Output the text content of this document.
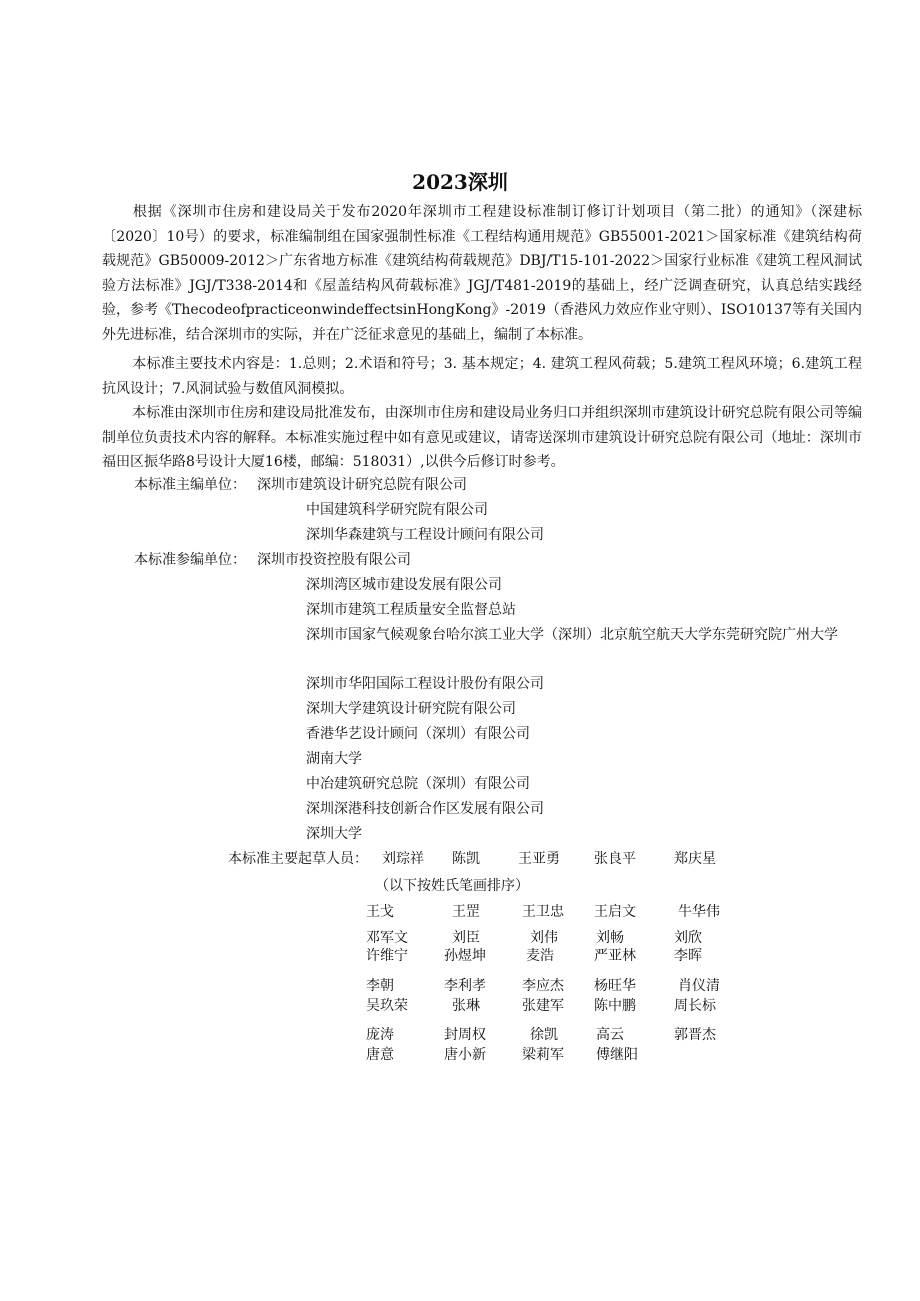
2023深圳

根据《深圳市住房和建设局关于发布2020年深圳市工程建设标准制订修订计划项目（第二批）的通知》（深建标〔2020〕10号）的要求，标准编制组在国家强制性标准《工程结构通用规范》GB55001-2021＞国家标准《建筑结构荷载规范》GB50009-2012＞广东省地方标准《建筑结构荷载规范》DBJ/T15-101-2022＞国家行业标准《建筑工程风洞试验方法标准》JGJ/T338-2014和《屋盖结构风荷载标准》JGJ/T481-2019的基础上，经广泛调查研究，认真总结实践经验，参考《ThecodeofpracticeonwindeffectsinHongKong》-2019（香港风力效应作业守则）、ISO10137等有关国内外先进标准，结合深圳市的实际，并在广泛征求意见的基础上，编制了本标准。

本标准主要技术内容是：1.总则；2.术语和符号；3. 基本规定；4. 建筑工程风荷载；5.建筑工程风环境；6.建筑工程抗风设计；7.风洞试验与数值风洞模拟。

本标准由深圳市住房和建设局批准发布，由深圳市住房和建设局业务归口并组织深圳市建筑设计研究总院有限公司等编制单位负责技术内容的解释。本标准实施过程中如有意见或建议，请寄送深圳市建筑设计研究总院有限公司（地址：深圳市福田区振华路8号设计大厦16楼，邮编：518031）,以供今后修订时参考。

本标准主编单位： 深圳市建筑设计研究总院有限公司
中国建筑科学研究院有限公司
深圳华森建筑与工程设计顾问有限公司
本标准参编单位： 深圳市投资控股有限公司
深圳湾区城市建设发展有限公司
深圳市建筑工程质量安全监督总站
深圳市国家气候观象台哈尔滨工业大学（深圳）北京航空航天大学东莞研究院广州大学
深圳市华阳国际工程设计股份有限公司
深圳大学建筑设计研究院有限公司
香港华艺设计顾问（深圳）有限公司
湖南大学
中冶建筑研究总院（深圳）有限公司
深圳深港科技创新合作区发展有限公司
深圳大学
本标准主要起草人员： 刘琮祥 陈凯	王亚勇 张良平	郑庆星
（以下按姓氏笔画排序）
王戈	王罡	王卫忠 王启文	牛华伟
邓军文	刘臣	刘伟	刘畅	刘欣
许维宁	孙煜坤	麦浩	严亚林	李晖
李朝	李利孝	李应杰 杨旺华	肖仪清
吴玖荣	张琳	张建军 陈中鹏	周长标
庞涛	封周权	徐凯	高云	郭晋杰
唐意	唐小新	梁莉军 傅继阳
